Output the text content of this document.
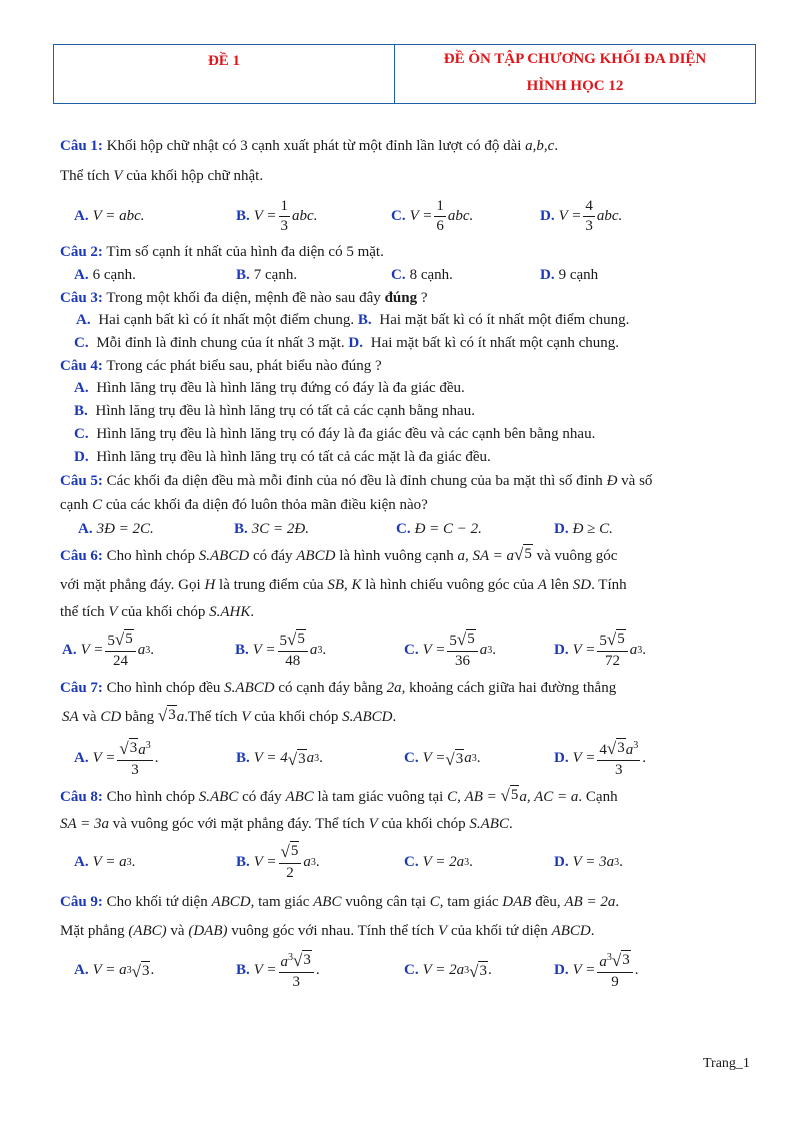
ĐỀ 1	ĐỀ ÔN TẬP CHƯƠNG KHỐI ĐA DIỆN
HÌNH HỌC 12
Câu 1: Khối hộp chữ nhật có 3 cạnh xuất phát từ một đỉnh lần lượt có độ dài a,b,c.
Thể tích V của khối hộp chữ nhật.
A. V = abc.	B. $V = \frac{1}{3}$ abc.	C. $V = \frac{1}{6}$ abc.	D. $V = \frac{4}{3}$ abc.
Câu 2: Tìm số cạnh ít nhất của hình đa diện có 5 mặt.
A. 6 cạnh.	B. 7 cạnh.	C. 8 cạnh.	D. 9 cạnh
Câu 3: Trong một khối đa diện, mệnh đề nào sau đây đúng ?
A. Hai cạnh bất kì có ít nhất một điểm chung. B. Hai mặt bất kì có ít nhất một điểm chung.
C. Mỗi đỉnh là đỉnh chung của ít nhất 3 mặt. D. Hai mặt bất kì có ít nhất một cạnh chung.
Câu 4: Trong các phát biểu sau, phát biểu nào đúng ?
A. Hình lăng trụ đều là hình lăng trụ đứng có đáy là đa giác đều.
B. Hình lăng trụ đều là hình lăng trụ có tất cả các cạnh bằng nhau.
C. Hình lăng trụ đều là hình lăng trụ có đáy là đa giác đều và các cạnh bên bằng nhau.
D. Hình lăng trụ đều là hình lăng trụ có tất cả các mặt là đa giác đều.
Câu 5: Các khối đa diện đều mà mỗi đỉnh của nó đều là đỉnh chung của ba mặt thì số đỉnh Đ và số
cạnh C của các khối đa diện đó luôn thỏa mãn điều kiện nào?
A. 3Đ = 2C.	B. 3C = 2Đ.	C. Đ = C − 2.	D. Đ ≥ C.
Câu 6: Cho hình chóp S.ABCD có đáy ABCD là hình vuông cạnh a, SA = a √ 5 và vuông góc
với mặt phẳng đáy. Gọi H là trung điểm của SB, K là hình chiếu vuông góc của A lên SD. Tính
thể tích V của khối chóp S.AHK.
A. $V = \frac{5 √ 5}{24}$ a 3 .	B. $V = \frac{5 √ 5}{48}$ a 3 .	C. $V = \frac{5 √ 5}{36}$ a 3 .	D. $V = \frac{5 √ 5}{72}$ a 3 .
Câu 7: Cho hình chóp đều S.ABCD có cạnh đáy bằng 2a, khoảng cách giữa hai đường thẳng
SA và CD bằng √ 3 a.Thể tích V của khối chóp S.ABCD.
A. $V = \frac{√ 3 a^3}{3}$ .	B. V = 4 √ 3 a 3 .	C. V = √ 3 a 3 .	D. $V = \frac{4 √ 3 a^3}{3}$ .
Câu 8: Cho hình chóp S.ABC có đáy ABC là tam giác vuông tại C, AB = √ 5 a, AC = a. Cạnh
SA = 3a và vuông góc với mặt phẳng đáy. Thể tích V của khối chóp S.ABC.
A. V = a 3 .	B. $V = \frac{√ 5}{2}$ a 3 .	C. V = 2a 3 .	D. V = 3a 3 .
Câu 9: Cho khối tứ diện ABCD, tam giác ABC vuông cân tại C, tam giác DAB đều, AB = 2a.
Mặt phẳng (ABC) và (DAB) vuông góc với nhau. Tính thể tích V của khối tứ diện ABCD.
A. V = a 3 √ 3 .	B. $V = \frac{a^3 √ 3}{3}$ .	C. V = 2a 3 √ 3 .	D. $V = \frac{a^3 √ 3}{9}$ .
Trang_1
